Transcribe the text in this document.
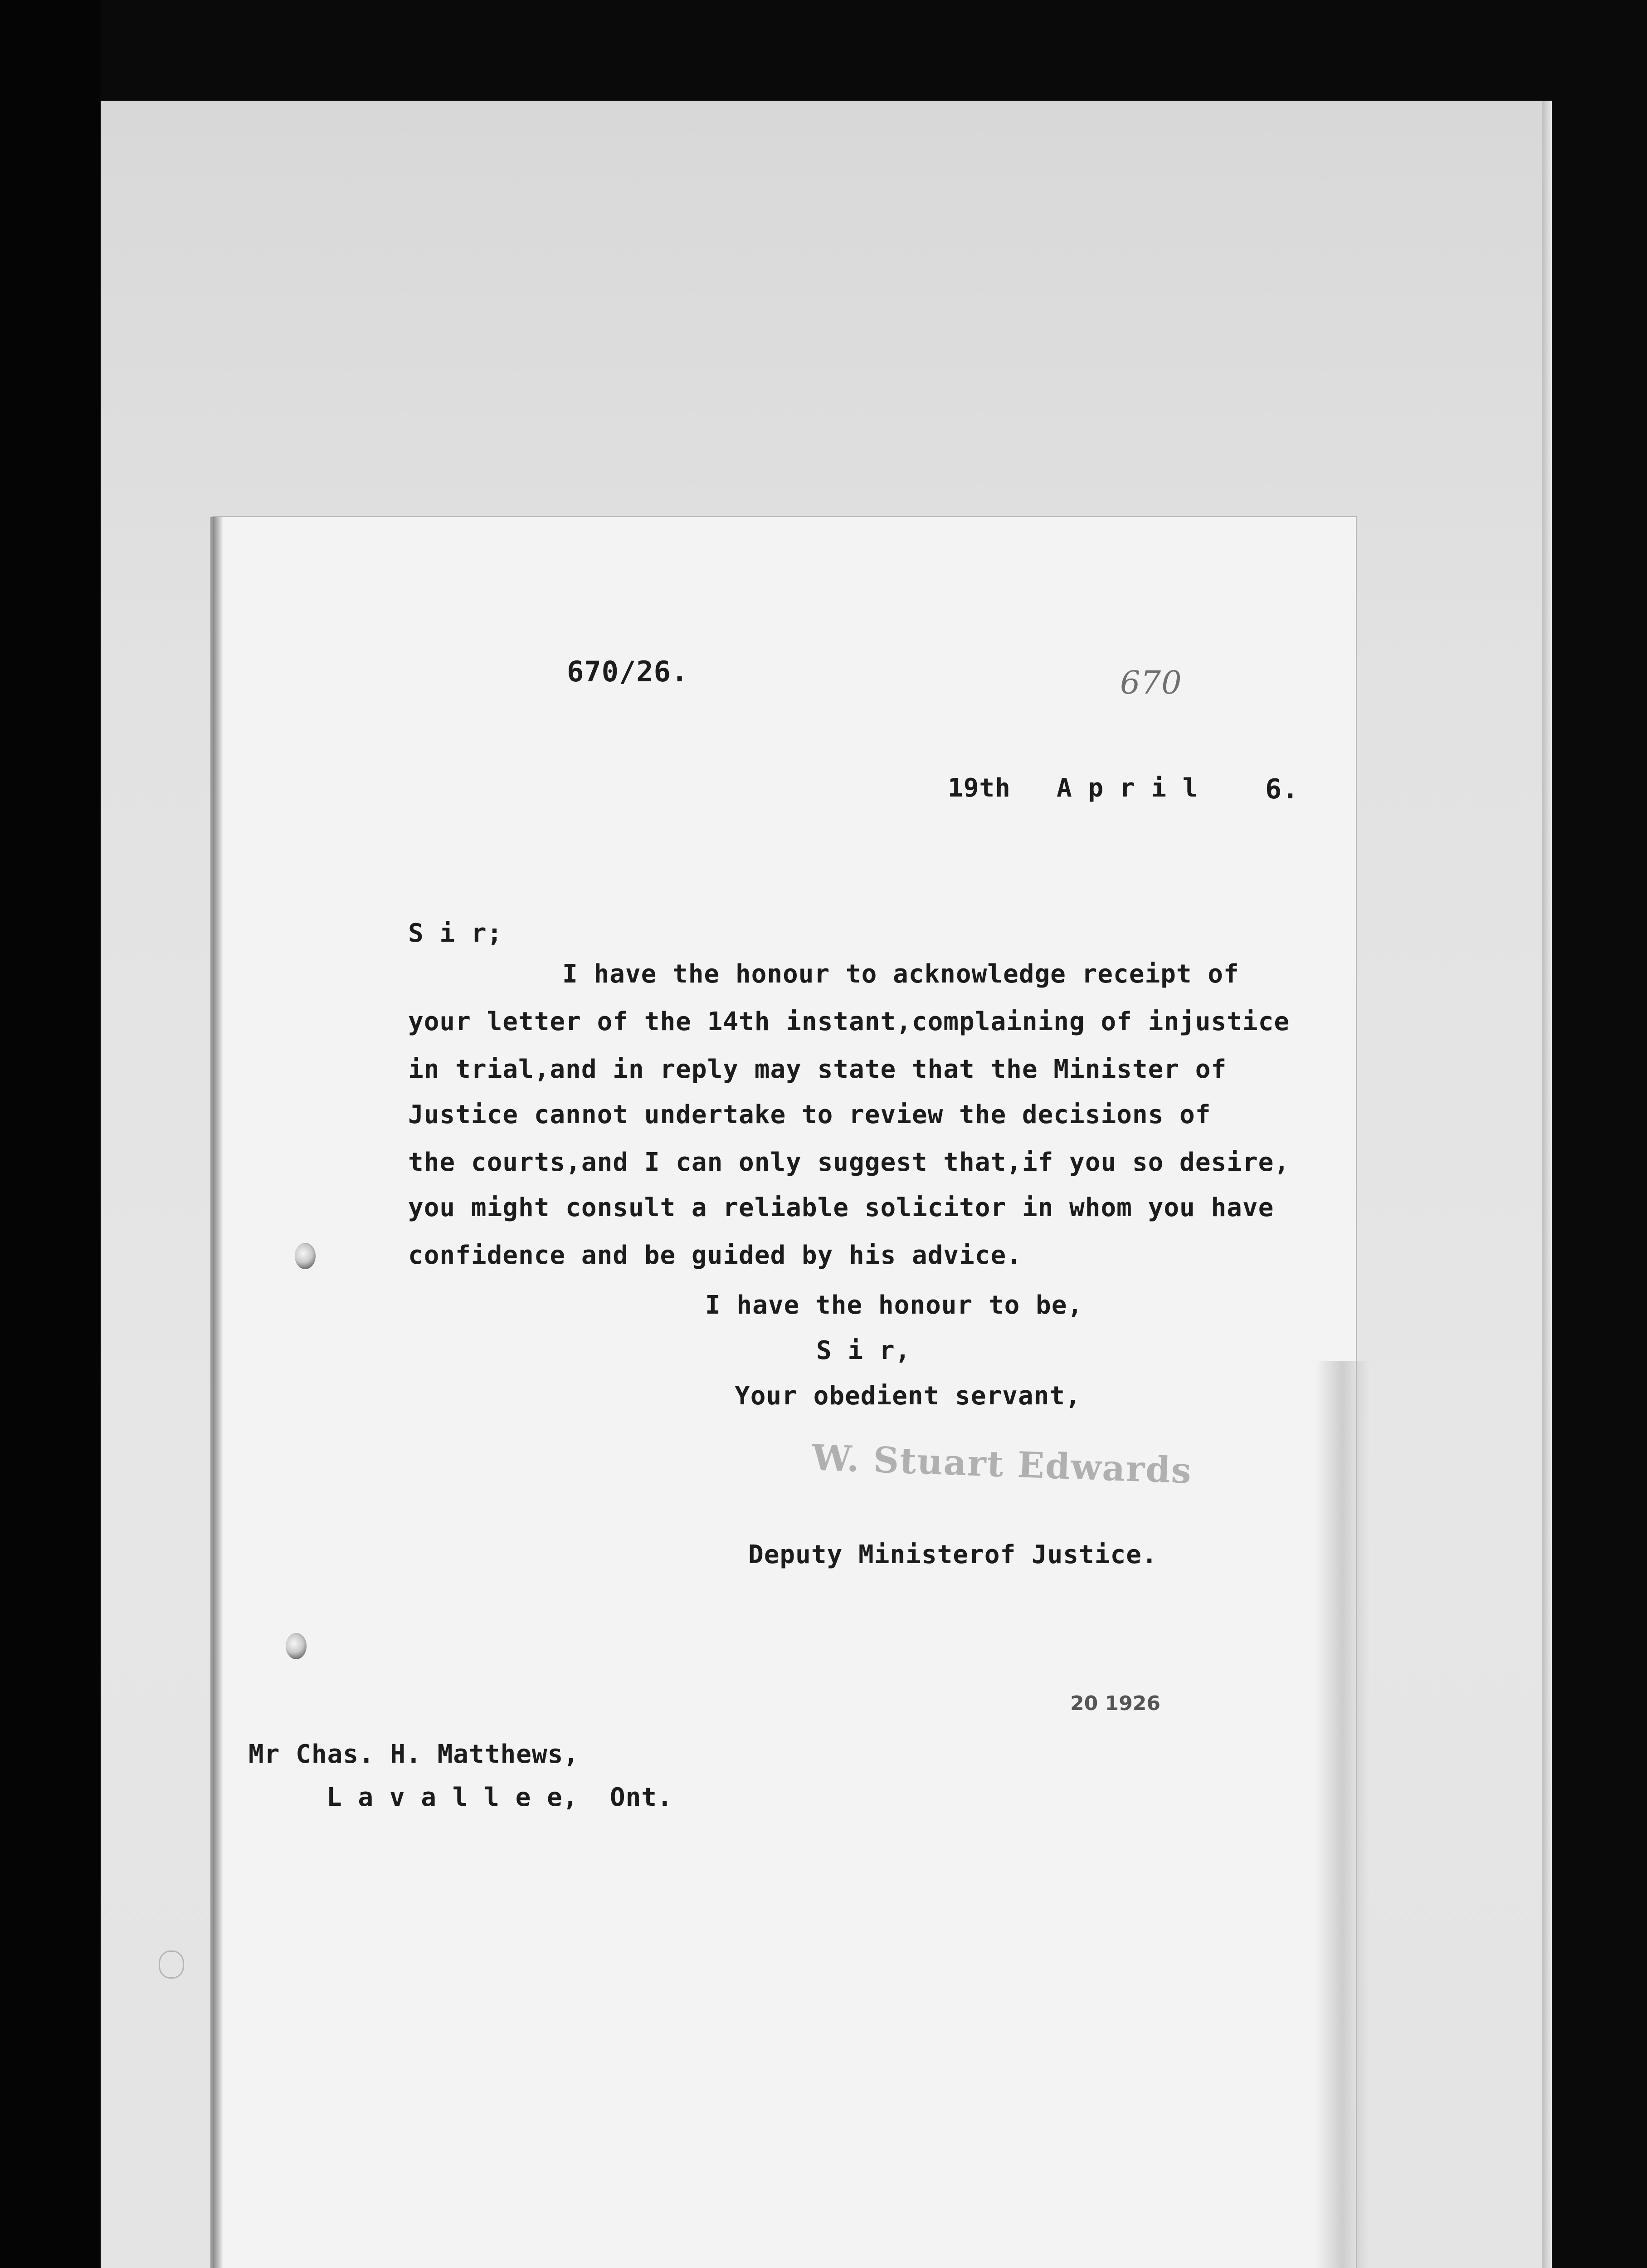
670/26.	670
19th A p r i l 6.
S i r;
I have the honour to acknowledge receipt of
your letter of the 14th instant,complaining of injustice
in trial,and in reply may state that the Minister of
Justice cannot undertake to review the decisions of
the courts,and I can only suggest that,if you so desire,
you might consult a reliable solicitor in whom you have
confidence and be guided by his advice.
I have the honour to be,
S i r,
Your obedient servant,
W. Stuart Edwards
Deputy Ministerof Justice.
20 1926
Mr Chas. H. Matthews,
L a v a l l e e,  Ont.
